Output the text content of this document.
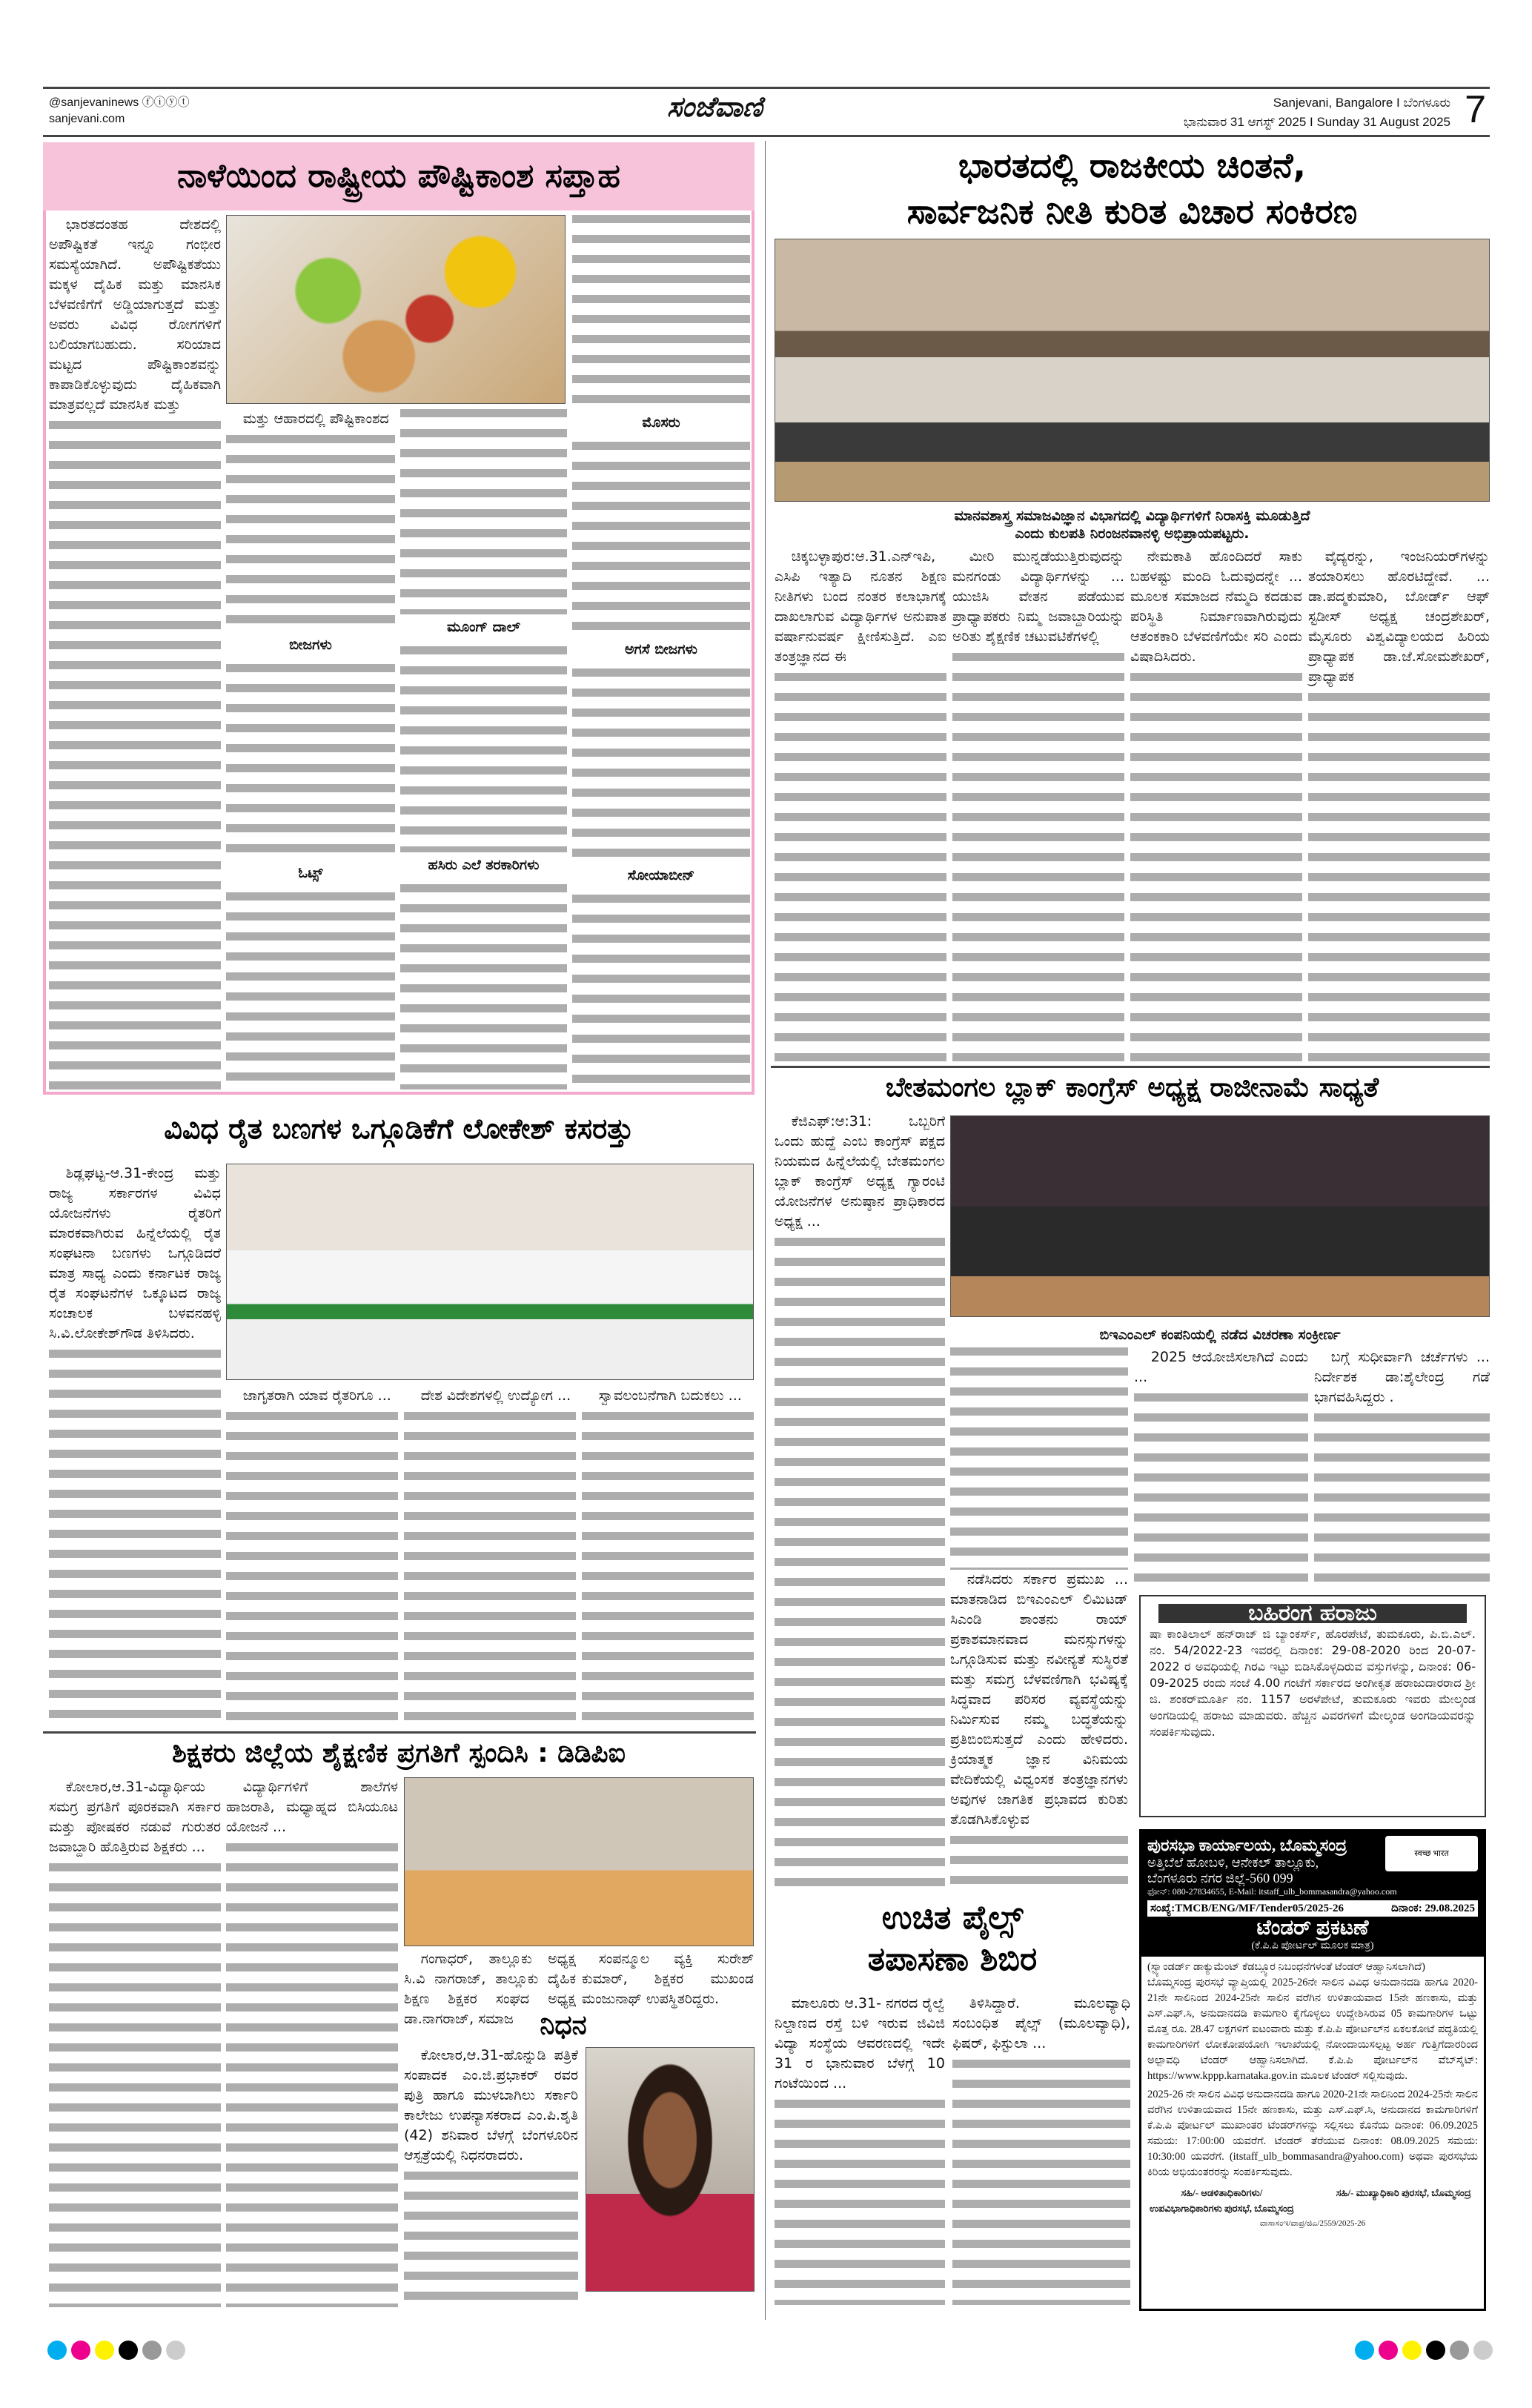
@sanjevaninews ⓕⓘⓨⓣ
sanjevani.com	ಸಂಜೆವಾಣಿ	Sanjevani, Bangalore I ಬೆಂಗಳೂರು
ಭಾನುವಾರ 31 ಆಗಸ್ಟ್ 2025 I Sunday 31 August 2025 7
ನಾಳೆಯಿಂದ ರಾಷ್ಟ್ರೀಯ ಪೌಷ್ಟಿಕಾಂಶ ಸಪ್ತಾಹ

ಭಾರತದಂತಹ ದೇಶದಲ್ಲಿ ಅಪೌಷ್ಟಿಕತೆ ಇನ್ನೂ ಗಂಭೀರ ಸಮಸ್ಯೆಯಾಗಿದೆ. ಅಪೌಷ್ಟಿಕತೆಯು ಮಕ್ಕಳ ದೈಹಿಕ ಮತ್ತು ಮಾನಸಿಕ ಬೆಳವಣಿಗೆಗೆ ಅಡ್ಡಿಯಾಗುತ್ತದೆ ಮತ್ತು ಅವರು ವಿವಿಧ ರೋಗಗಳಿಗೆ ಬಲಿಯಾಗಬಹುದು. ಸರಿಯಾದ ಮಟ್ಟದ ಪೌಷ್ಟಿಕಾಂಶವನ್ನು ಕಾಪಾಡಿಕೊಳ್ಳುವುದು ದೈಹಿಕವಾಗಿ ಮಾತ್ರವಲ್ಲದೆ ಮಾನಸಿಕ ಮತ್ತು

ಮತ್ತು ಆಹಾರದಲ್ಲಿ ಪೌಷ್ಟಿಕಾಂಶದ

ಬೀಜಗಳು

ಓಟ್ಸ್

ಮೂಂಗ್ ದಾಲ್

ಹಸಿರು ಎಲೆ ತರಕಾರಿಗಳು

ಮೊಸರು

ಅಗಸೆ ಬೀಜಗಳು

ಸೋಯಾಬೀನ್

ಭಾರತದಲ್ಲಿ ರಾಜಕೀಯ ಚಿಂತನೆ,
ಸಾರ್ವಜನಿಕ ನೀತಿ ಕುರಿತ ವಿಚಾರ ಸಂಕಿರಣ
ಮಾನವಶಾಸ್ತ್ರ ಸಮಾಜವಿಜ್ಞಾನ ವಿಭಾಗದಲ್ಲಿ ವಿದ್ಯಾರ್ಥಿಗಳಿಗೆ ನಿರಾಸಕ್ತಿ ಮೂಡುತ್ತಿದೆ
ಎಂದು ಕುಲಪತಿ ನಿರಂಜನವಾನಳ್ಳಿ ಅಭಿಪ್ರಾಯಪಟ್ಟರು.

ಚಿಕ್ಕಬಳ್ಳಾಪುರ:ಆ.31.ಎನ್‌ಇಪಿ, ಎಸಿಪಿ ಇತ್ಯಾದಿ ನೂತನ ಶಿಕ್ಷಣ ನೀತಿಗಳು ಬಂದ ನಂತರ ಕಲಾಭಾಗಕ್ಕೆ ದಾಖಲಾಗುವ ವಿದ್ಯಾರ್ಥಿಗಳ ಅನುಪಾತ ವರ್ಷಾನುವರ್ಷ ಕ್ಷೀಣಿಸುತ್ತಿದೆ. ಎಐ ತಂತ್ರಜ್ಞಾನದ ಈ

ಮೀರಿ ಮುನ್ನಡೆಯುತ್ತಿರುವುದನ್ನು ಮನಗಂಡು ವಿದ್ಯಾರ್ಥಿಗಳನ್ನು ... ಯುಜಿಸಿ ವೇತನ ಪಡೆಯುವ ಪ್ರಾಧ್ಯಾಪಕರು ನಿಮ್ಮ ಜವಾಬ್ದಾರಿಯನ್ನು ಅರಿತು ಶೈಕ್ಷಣಿಕ ಚಟುವಟಿಕೆಗಳಲ್ಲಿ

ನೇಮಕಾತಿ ಹೊಂದಿದರೆ ಸಾಕು ಬಹಳಷ್ಟು ಮಂದಿ ಓದುವುದನ್ನೇ ... ಮೂಲಕ ಸಮಾಜದ ನೆಮ್ಮದಿ ಕದಡುವ ಪರಿಸ್ಥಿತಿ ನಿರ್ಮಾಣವಾಗಿರುವುದು ಆತಂಕಕಾರಿ ಬೆಳವಣಿಗೆಯೇ ಸರಿ ಎಂದು ವಿಷಾದಿಸಿದರು.

ವೈದ್ಯರನ್ನು, ಇಂಜನಿಯರ್‌ಗಳನ್ನು ತಯಾರಿಸಲು ಹೊರಟಿದ್ದೇವೆ. ... ಡಾ.ಪದ್ಮಕುಮಾರಿ, ಬೋರ್ಡ್ ಆಫ್ ಸ್ಟಡೀಸ್ ಅಧ್ಯಕ್ಷ ಚಂದ್ರಶೇಖರ್, ಮೈಸೂರು ವಿಶ್ವವಿದ್ಯಾಲಯದ ಹಿರಿಯ ಪ್ರಾಧ್ಯಾಪಕ ಡಾ.ಜೆ.ಸೋಮಶೇಖರ್, ಪ್ರಾಧ್ಯಾಪಕ

ಬೇತಮಂಗಲ ಬ್ಲಾಕ್ ಕಾಂಗ್ರೆಸ್ ಅಧ್ಯಕ್ಷ ರಾಜೀನಾಮೆ ಸಾಧ್ಯತೆ

ಕೆಜಿಎಫ್:ಆ:31: ಒಬ್ಬರಿಗೆ ಒಂದು ಹುದ್ದೆ ಎಂಬ ಕಾಂಗ್ರೆಸ್ ಪಕ್ಷದ ನಿಯಮದ ಹಿನ್ನೆಲೆಯಲ್ಲಿ ಬೇತಮಂಗಲ ಬ್ಲಾಕ್ ಕಾಂಗ್ರೆಸ್ ಅಧ್ಯಕ್ಷ ಗ್ಯಾರಂಟಿ ಯೋಜನೆಗಳ ಅನುಷ್ಠಾನ ಪ್ರಾಧಿಕಾರದ ಅಧ್ಯಕ್ಷ ...

ಬಿಇಎಂಎಲ್ ಕಂಪನಿಯಲ್ಲಿ ನಡೆದ ವಿಚರಣಾ ಸಂಕ್ರೀರ್ಣ

ನಡೆಸಿದರು ಸರ್ಕಾರ ಪ್ರಮುಖ ... ಮಾತನಾಡಿದ ಬಿಇಎಂಎಲ್ ಲಿಮಿಟಡ್ ಸಿಎಂಡಿ ಶಾಂತನು ರಾಯ್ ಪ್ರಕಾಶಮಾನವಾದ ಮನಸ್ಸುಗಳನ್ನು ಒಗ್ಗೂಡಿಸುವ ಮತ್ತು ನವೀನ್ಯತೆ ಸುಸ್ಥಿರತೆ ಮತ್ತು ಸಮಗ್ರ ಬೆಳವಣಿಗಾಗಿ ಭವಿಷ್ಯಕ್ಕೆ ಸಿದ್ಧವಾದ ಪರಿಸರ ವ್ಯವಸ್ಥೆಯನ್ನು ನಿರ್ಮಿಸುವ ನಮ್ಮ ಬದ್ಧತೆಯನ್ನು ಪ್ರತಿಬಿಂಬಿಸುತ್ತದೆ ಎಂದು ಹೇಳಿದರು. ಕ್ರಿಯಾತ್ಮಕ ಜ್ಞಾನ ವಿನಿಮಯ ವೇದಿಕೆಯಲ್ಲಿ ವಿಧ್ವಂಸಕ ತಂತ್ರಜ್ಞಾನಗಳು ಅವುಗಳ ಜಾಗತಿಕ ಪ್ರಭಾವದ ಕುರಿತು ತೊಡಗಿಸಿಕೊಳ್ಳುವ

2025 ಆಯೋಜಿಸಲಾಗಿದೆ ಎಂದು ...

ಬಗ್ಗೆ ಸುಧೀರ್ವಾಗಿ ಚರ್ಚೆಗಳು ... ನಿರ್ದೇಶಕ ಡಾ:ಶೈಲೇಂದ್ರ ಗಡೆ ಭಾಗವಹಿಸಿದ್ದರು .

ಬಹಿರಂಗ ಹರಾಜು
ಷಾ ಕಾಂತಿಲಾಲ್ ಹನ್‌ರಾಜ್ ಜಿ ಬ್ಯಾಂಕರ್ಸ್, ಹೊರಪೇಟೆ, ತುಮಕೂರು, ಪಿ.ಬಿ.ಎಲ್. ನಂ. 54/2022-23 ಇವರಲ್ಲಿ ದಿನಾಂಕ: 29-08-2020 ರಿಂದ 20-07-2022 ರ ಅವಧಿಯಲ್ಲಿ ಗಿರವಿ ಇಟ್ಟು ಬಿಡಿಸಿಕೊಳ್ಳದಿರುವ ವಸ್ತುಗಳನ್ನು, ದಿನಾಂಕ: 06-09-2025 ರಂದು ಸಂಜೆ 4.00 ಗಂಟೆಗೆ ಸರ್ಕಾರದ ಅಂಗೀಕೃತ ಹರಾಜುದಾರರಾದ ಶ್ರೀ ಜಿ. ಶಂಕರ್‌ಮೂರ್ತಿ ನಂ. 1157 ಅರಳೆಪೇಟೆ, ತುಮಕೂರು ಇವರು ಮೇಲ್ಕಂಡ ಅಂಗಡಿಯಲ್ಲಿ ಹರಾಜು ಮಾಡುವರು. ಹೆಚ್ಚಿನ ವಿವರಗಳಿಗೆ ಮೇಲ್ಕಂಡ ಅಂಗಡಿಯವರನ್ನು ಸಂಪರ್ಕಿಸುವುದು.
ಪುರಸಭಾ ಕಾರ್ಯಾಲಯ, ಬೊಮ್ಮಸಂದ್ರ
ಅತ್ತಿಬೆಲೆ ಹೋಬಳಿ, ಆನೇಕಲ್ ತಾಲ್ಲೂಕು,
ಬೆಂಗಳೂರು ನಗರ ಜಿಲ್ಲೆ-560 099
ಫೋನ್: 080-27834655, E-Mail: itstaff_ulb_bommasandra@yahoo.com
स्वच्छ भारत
ಸಂಖ್ಯೆ:TMCB/ENG/MF/Tender05/2025-26	ದಿನಾಂಕ: 29.08.2025
ಟೆಂಡರ್ ಪ್ರಕಟಣೆ
(ಕೆ.ಪಿ.ಪಿ ಪೋರ್ಟಲ್ ಮೂಲಕ ಮಾತ್ರ)
(ಸ್ಟ್ಯಾಂಡರ್ಡ್ ಡಾಕ್ಯುಮೆಂಟ್ ಕೆಡಬ್ಲ್ಯೂರ ನಿಬಂಧನೆಗಳಂತೆ ಟೆಂಡರ್ ಆಹ್ವಾನಿಸಲಾಗಿದೆ)
ಬೊಮ್ಮಸಂದ್ರ ಪುರಸಭೆ ವ್ಯಾಪ್ತಿಯಲ್ಲಿ 2025-26ನೇ ಸಾಲಿನ ವಿವಿಧ ಅನುದಾನದಡಿ ಹಾಗೂ 2020-21ನೇ ಸಾಲಿನಿಂದ 2024-25ನೇ ಸಾಲಿನ ವರೆಗಿನ ಉಳಿತಾಯವಾದ 15ನೇ ಹಣಕಾಸು, ಮತ್ತು ಎಸ್.ಎಫ್.ಸಿ, ಅನುದಾನದಡಿ ಕಾಮಗಾರಿ ಕೈಗೊಳ್ಳಲು ಉದ್ದೇಶಿಸಿರುವ 05 ಕಾಮಗಾರಿಗಳ ಒಟ್ಟು ಮೊತ್ತ ರೂ. 28.47 ಲಕ್ಷಗಳಿಗೆ ಐಟಂವಾರು ಮತ್ತು ಕೆ.ಪಿ.ಪಿ ಪೋರ್ಟಲ್‌ನ ಏಕಲಕೋಟೆ ಪದ್ಧತಿಯಲ್ಲಿ ಕಾಮಗಾರಿಗಳಿಗೆ ಲೋಕೋಪಯೋಗಿ ಇಲಾಖೆಯಲ್ಲಿ ನೋಂದಾಯಿಸಲ್ಪಟ್ಟ ಅರ್ಹ ಗುತ್ತಿಗೆದಾರರಿಂದ ಅಲ್ಪಾವಧಿ ಟೆಂಡರ್ ಆಹ್ವಾನಿಸಲಾಗಿದೆ. ಕೆ.ಪಿ.ಪಿ ಪೋರ್ಟಲ್‌ನ ವೆಬ್‌ಸೈಟ್: https://www.kppp.karnataka.gov.in ಮೂಲಕ ಟೆಂಡರ್ ಸಲ್ಲಿಸುವುದು.
2025-26 ನೇ ಸಾಲಿನ ವಿವಿಧ ಅನುದಾನದಡಿ ಹಾಗೂ 2020-21ನೇ ಸಾಲಿನಿಂದ 2024-25ನೇ ಸಾಲಿನ ವರೆಗಿನ ಉಳಿತಾಯವಾದ 15ನೇ ಹಣಕಾಸು, ಮತ್ತು ಎಸ್.ಎಫ್.ಸಿ, ಅನುದಾನದ ಕಾಮಗಾರಿಗಳಿಗೆ ಕೆ.ಪಿ.ಪಿ ಪೋರ್ಟಲ್ ಮುಖಾಂತರ ಟೆಂಡರ್‌ಗಳನ್ನು ಸಲ್ಲಿಸಲು ಕೊನೆಯ ದಿನಾಂಕ: 06.09.2025 ಸಮಯ: 17:00:00 ಯವರೆಗೆ. ಟೆಂಡರ್ ತೆರೆಯುವ ದಿನಾಂಕ: 08.09.2025 ಸಮಯ: 10:30:00 ಯವರೆಗೆ. (itstaff_ulb_bommasandra@yahoo.com) ಅಥವಾ ಪುರಸಭೆಯ ಕಿರಿಯ ಅಭಿಯಂತರರನ್ನು ಸಂಪರ್ಕಿಸುವುದು.
ಸಹಿ/- ಆಡಳಿತಾಧಿಕಾರಿಗಳು/ ಉಪವಿಭಾಗಾಧಿಕಾರಿಗಳು ಪುರಸಭೆ, ಬೊಮ್ಮಸಂದ್ರ
ಸಹಿ/- ಮುಖ್ಯಾಧಿಕಾರಿ ಪುರಸಭೆ, ಬೊಮ್ಮಸಂದ್ರ
ವಾಸಾಸಂಇ/ವಾಪ್ರ/ಜಿಎ/2559/2025-26
ವಿವಿಧ ರೈತ ಬಣಗಳ ಒಗ್ಗೂಡಿಕೆಗೆ ಲೋಕೇಶ್ ಕಸರತ್ತು

ಶಿಡ್ಲಘಟ್ಟ-ಆ.31-ಕೇಂದ್ರ ಮತ್ತು ರಾಜ್ಯ ಸರ್ಕಾರಗಳ ವಿವಿಧ ಯೋಜನೆಗಳು ರೈತರಿಗೆ ಮಾರಕವಾಗಿರುವ ಹಿನ್ನೆಲೆಯಲ್ಲಿ ರೈತ ಸಂಘಟನಾ ಬಣಗಳು ಒಗ್ಗೂಡಿದರೆ ಮಾತ್ರ ಸಾಧ್ಯ ಎಂದು ಕರ್ನಾಟಕ ರಾಜ್ಯ ರೈತ ಸಂಘಟನೆಗಳ ಒಕ್ಕೂಟದ ರಾಜ್ಯ ಸಂಚಾಲಕ ಬಳವನಹಳ್ಳಿ ಸಿ.ವಿ.ಲೋಕೇಶ್‌ಗೌಡ ತಿಳಿಸಿದರು.

ಜಾಗೃತರಾಗಿ ಯಾವ ರೈತರಿಗೂ ...	ದೇಶ ವಿದೇಶಗಳಲ್ಲಿ ಉದ್ಯೋಗ ...	ಸ್ವಾವಲಂಬನೆಗಾಗಿ ಬದುಕಲು ...

ಶಿಕ್ಷಕರು ಜಿಲ್ಲೆಯ ಶೈಕ್ಷಣಿಕ ಪ್ರಗತಿಗೆ ಸ್ಪಂದಿಸಿ : ಡಿಡಿಪಿಐ

ಕೋಲಾರ,ಆ.31-ವಿದ್ಯಾರ್ಥಿಯ ಸಮಗ್ರ ಪ್ರಗತಿಗೆ ಪೂರಕವಾಗಿ ಸರ್ಕಾರ ಮತ್ತು ಪೋಷಕರ ನಡುವೆ ಗುರುತರ ಜವಾಬ್ದಾರಿ ಹೊತ್ತಿರುವ ಶಿಕ್ಷಕರು ...

ವಿದ್ಯಾರ್ಥಿಗಳಿಗೆ ಶಾಲೆಗಳ ಹಾಜರಾತಿ, ಮಧ್ಯಾಹ್ನದ ಬಿಸಿಯೂಟ ಯೋಜನೆ ...

ಗಂಗಾಧರ್, ತಾಲ್ಲೂಕು ಅಧ್ಯಕ್ಷ ಸಿ.ವಿ ನಾಗರಾಜ್, ತಾಲ್ಲೂಕು ದೈಹಿಕ ಶಿಕ್ಷಣ ಶಿಕ್ಷಕರ ಸಂಘದ ಅಧ್ಯಕ್ಷ ಡಾ.ನಾಗರಾಜ್, ಸಮಾಜ

ಸಂಪನ್ಮೂಲ ವ್ಯಕ್ತಿ ಸುರೇಶ್ ಕುಮಾರ್, ಶಿಕ್ಷಕರ ಮುಖಂಡ ಮಂಜುನಾಥ್ ಉಪಸ್ಥಿತರಿದ್ದರು.

ನಿಧನ

ಕೋಲಾರ,ಆ.31-ಹೊನ್ನುಡಿ ಪತ್ರಿಕೆ ಸಂಪಾದಕ ಎಂ.ಜಿ.ಪ್ರಭಾಕರ್ ರವರ ಪುತ್ರಿ ಹಾಗೂ ಮುಳಬಾಗಿಲು ಸರ್ಕಾರಿ ಕಾಲೇಜು ಉಪನ್ಯಾಸಕರಾದ ಎಂ.ಪಿ.ಶೃತಿ (42) ಶನಿವಾರ ಬೆಳಗ್ಗೆ ಬೆಂಗಳೂರಿನ ಆಸ್ಪತ್ರೆಯಲ್ಲಿ ನಿಧನರಾದರು.

ಉಚಿತ ಪೈಲ್ಸ್
ತಪಾಸಣಾ ಶಿಬಿರ

ಮಾಲೂರು ಆ.31- ನಗರದ ರೈಲ್ವೆ ನಿಲ್ದಾಣದ ರಸ್ತೆ ಬಳಿ ಇರುವ ಜಿವಿಜಿ ವಿದ್ಯಾ ಸಂಸ್ಥೆಯ ಆವರಣದಲ್ಲಿ ಇದೇ 31 ರ ಭಾನುವಾರ ಬೆಳಗ್ಗೆ 10 ಗಂಟೆಯಿಂದ ...

ತಿಳಿಸಿದ್ದಾರೆ. ಮೂಲವ್ಯಾಧಿ ಸಂಬಂಧಿತ ಪೈಲ್ಸ್ (ಮೂಲವ್ಯಾಧಿ), ಫಿಷರ್, ಫಿಸ್ಟುಲಾ ...
